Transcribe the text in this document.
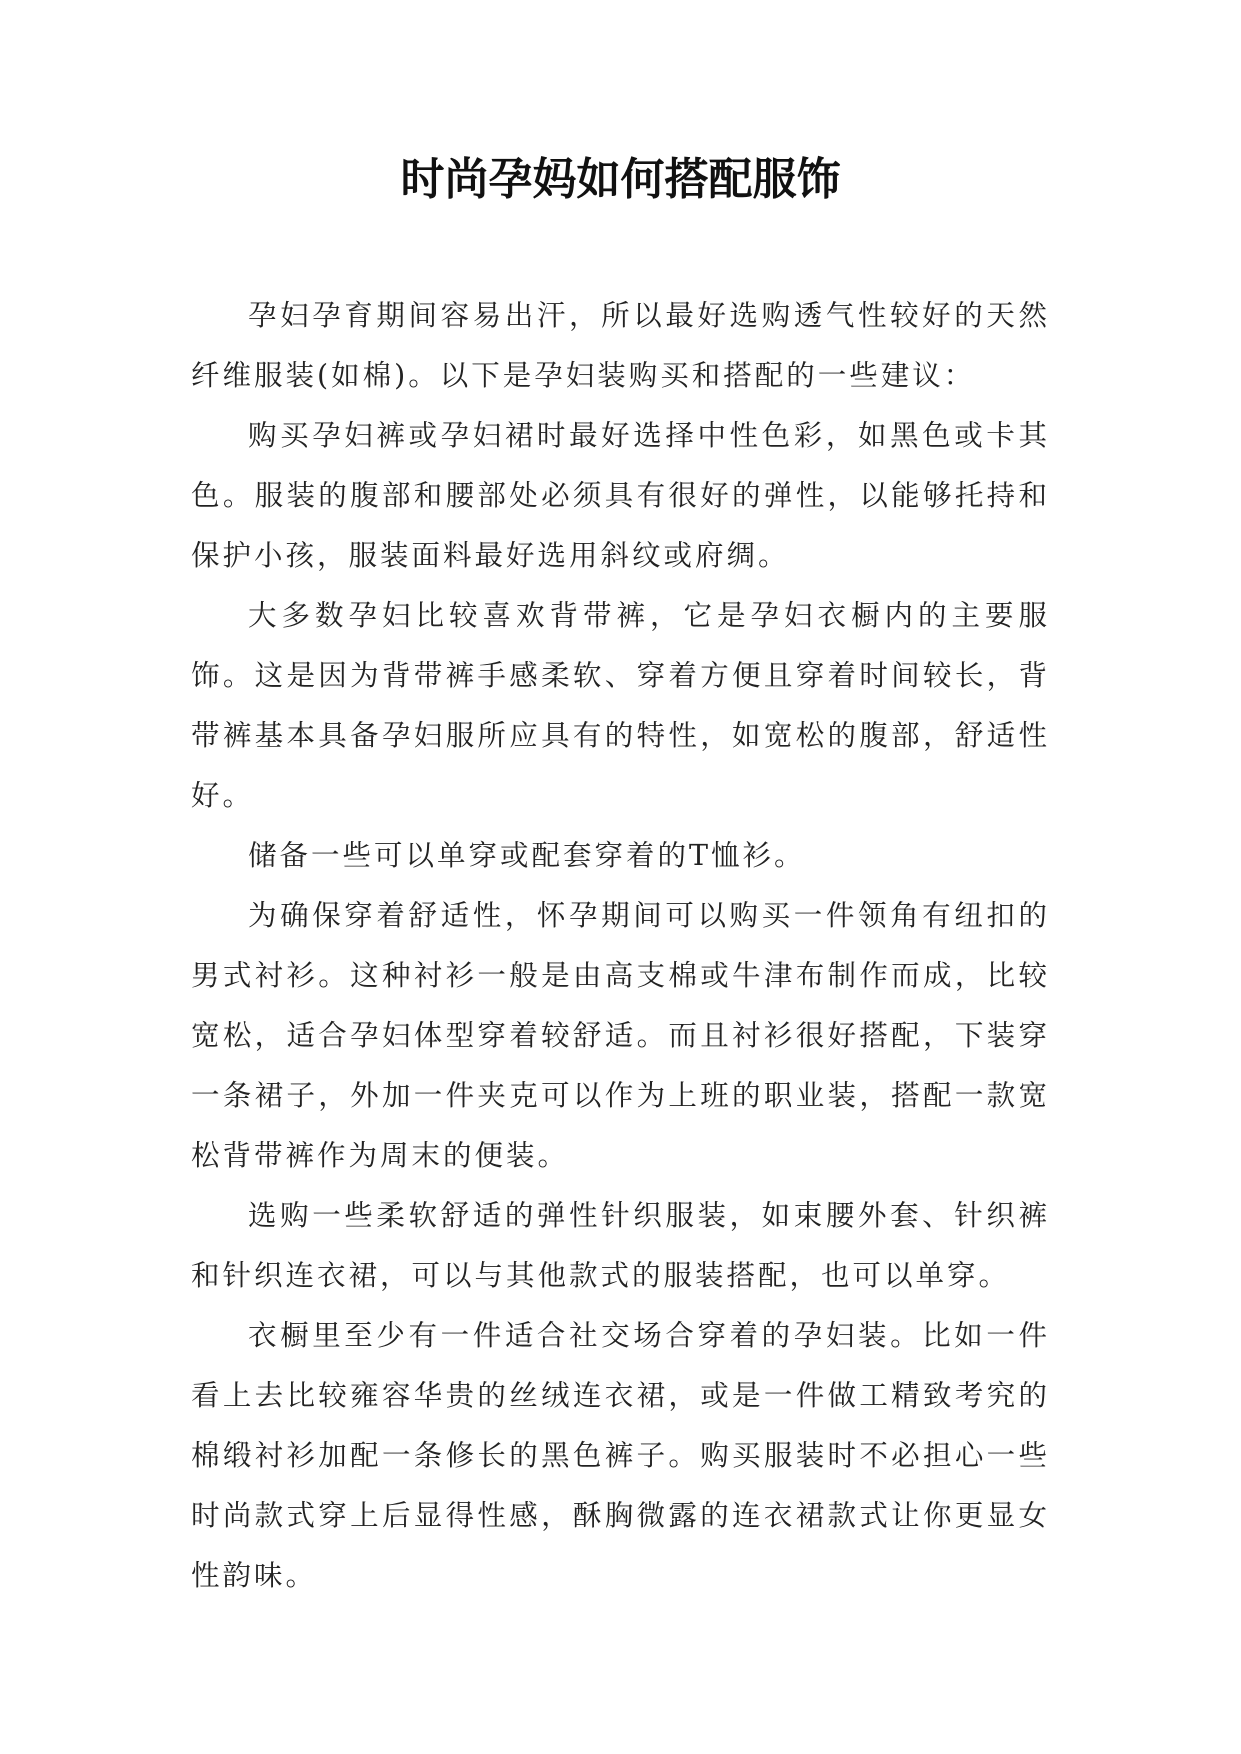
时尚孕妈如何搭配服饰

孕妇孕育期间容易出汗，所以最好选购透气性较好的天然纤维服装(如棉)。以下是孕妇装购买和搭配的一些建议：

购买孕妇裤或孕妇裙时最好选择中性色彩，如黑色或卡其色。服装的腹部和腰部处必须具有很好的弹性，以能够托持和保护小孩，服装面料最好选用斜纹或府绸。

大多数孕妇比较喜欢背带裤，它是孕妇衣橱内的主要服饰。这是因为背带裤手感柔软、穿着方便且穿着时间较长，背带裤基本具备孕妇服所应具有的特性，如宽松的腹部，舒适性好。

储备一些可以单穿或配套穿着的T恤衫。

为确保穿着舒适性，怀孕期间可以购买一件领角有纽扣的男式衬衫。这种衬衫一般是由高支棉或牛津布制作而成，比较宽松，适合孕妇体型穿着较舒适。而且衬衫很好搭配，下装穿一条裙子，外加一件夹克可以作为上班的职业装，搭配一款宽松背带裤作为周末的便装。

选购一些柔软舒适的弹性针织服装，如束腰外套、针织裤和针织连衣裙，可以与其他款式的服装搭配，也可以单穿。

衣橱里至少有一件适合社交场合穿着的孕妇装。比如一件看上去比较雍容华贵的丝绒连衣裙，或是一件做工精致考究的棉缎衬衫加配一条修长的黑色裤子。购买服装时不必担心一些时尚款式穿上后显得性感，酥胸微露的连衣裙款式让你更显女性韵味。
